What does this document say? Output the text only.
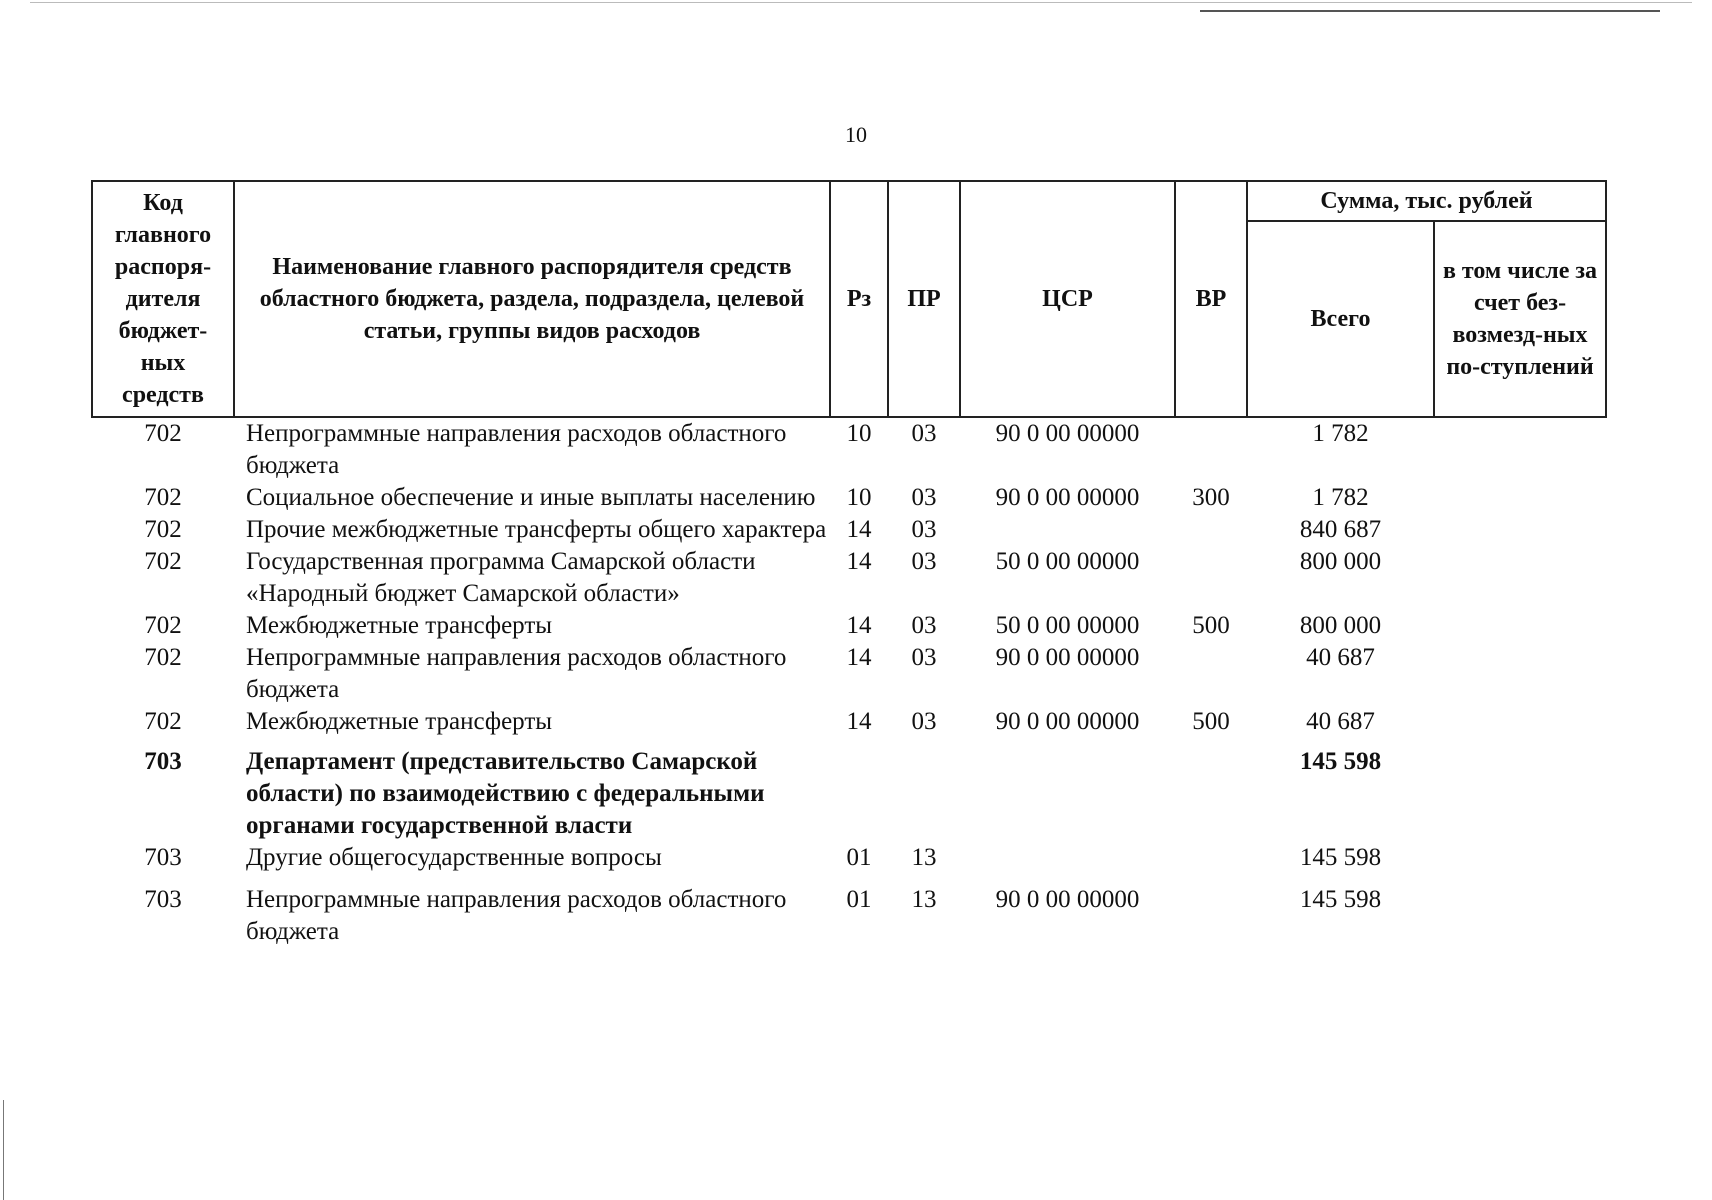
10
Код главного распоря-дителя бюджет-ных средств	Наименование главного распорядителя средств областного бюджета, раздела, подраздела, целевой статьи, группы видов расходов	Рз	ПР	ЦСР	ВР	Сумма, тыс. рублей	
						Всего	в том числе за счет без-возмезд-ных по-ступлений
702	Непрограммные направления расходов областного бюджета	10	03	90 0 00 00000		1 782	
702	Социальное обеспечение и иные выплаты населению	10	03	90 0 00 00000	300	1 782	
702	Прочие межбюджетные трансферты общего характера	14	03			840 687	
702	Государственная программа Самарской области «Народный бюджет Самарской области»	14	03	50 0 00 00000		800 000	
702	Межбюджетные трансферты	14	03	50 0 00 00000	500	800 000	
702	Непрограммные направления расходов областного бюджета	14	03	90 0 00 00000		40 687	
702	Межбюджетные трансферты	14	03	90 0 00 00000	500	40 687	
703	Департамент (представительство Самарской области) по взаимодействию с федеральными органами государственной власти					145 598	
703	Другие общегосударственные вопросы	01	13			145 598	
703	Непрограммные направления расходов областного бюджета	01	13	90 0 00 00000		145 598	
